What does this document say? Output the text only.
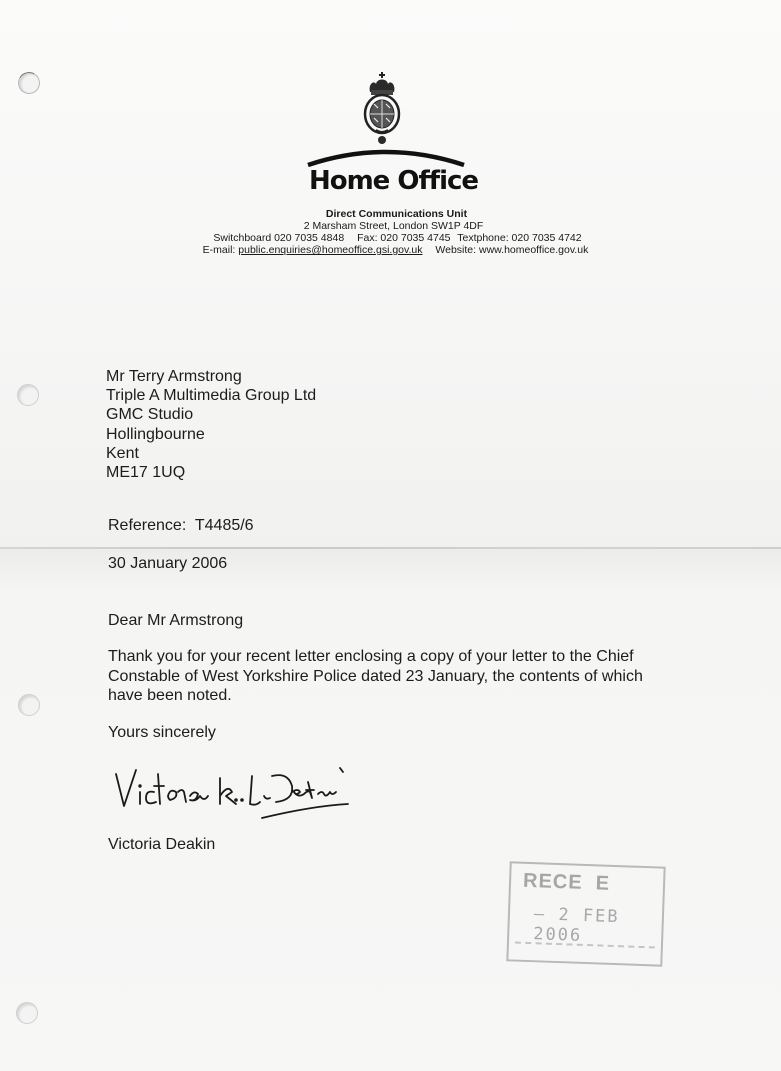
Home Office
Direct Communications Unit
2 Marsham Street, London SW1P 4DF
Switchboard 020 7035 4848 Fax: 020 7035 4745 Textphone: 020 7035 4742
E-mail: public.enquiries@homeoffice.gsi.gov.uk Website: www.homeoffice.gov.uk
Mr Terry Armstrong
Triple A Multimedia Group Ltd
GMC Studio
Hollingbourne
Kent
ME17 1UQ
Reference:  T4485/6
30 January 2006
Dear Mr Armstrong
Thank you for your recent letter enclosing a copy of your letter to the Chief
Constable of West Yorkshire Police dated 23 January, the contents of which
have been noted.
Yours sincerely
Victoria Deakin
RECE  E
– 2 FEB 2006
